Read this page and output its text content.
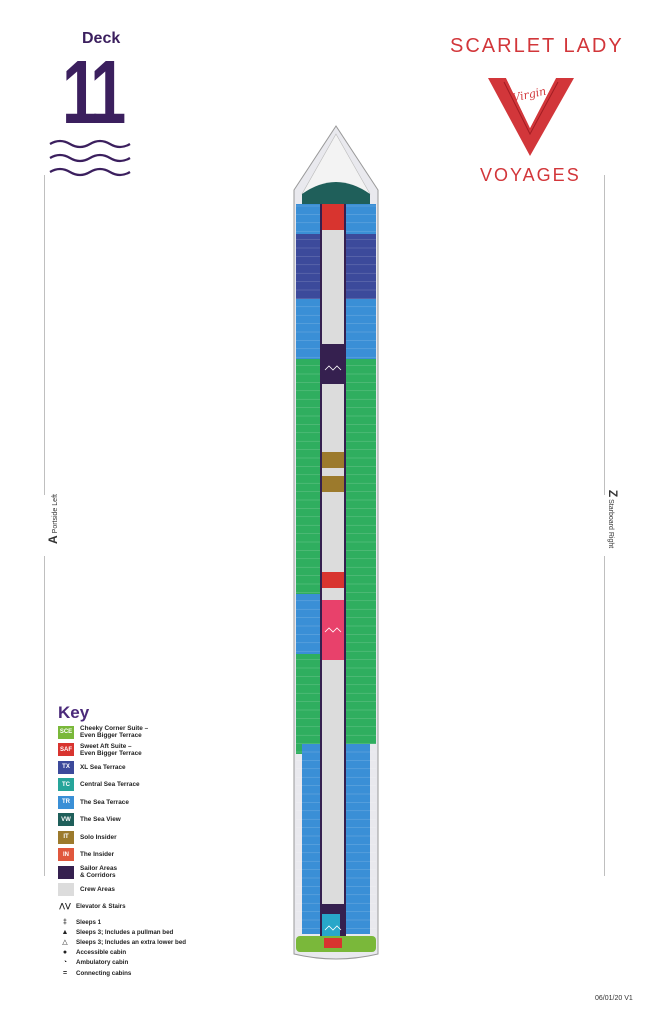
Deck
11	SCARLET LADY
Virgin
VOYAGES
A Portside Left
Z Starboard Right
Key
SCE Cheeky Corner Suite –
Even Bigger Terrace
SAF	Sweet Aft Suite –
Even Bigger Terrace
TX	XL Sea Terrace
TC	Central Sea Terrace
TR	The Sea Terrace
VW	The Sea View
IT	Solo Insider
IN	The Insider
Sailor Areas
& Corridors
Crew Areas
⋀⋁ Elevator & Stairs
‡	Sleeps 1
▲	Sleeps 3; Includes a pullman bed
△	Sleeps 3; Includes an extra lower bed
●	Accessible cabin
◔	Ambulatory cabin
=	Connecting cabins
06/01/20 V1
